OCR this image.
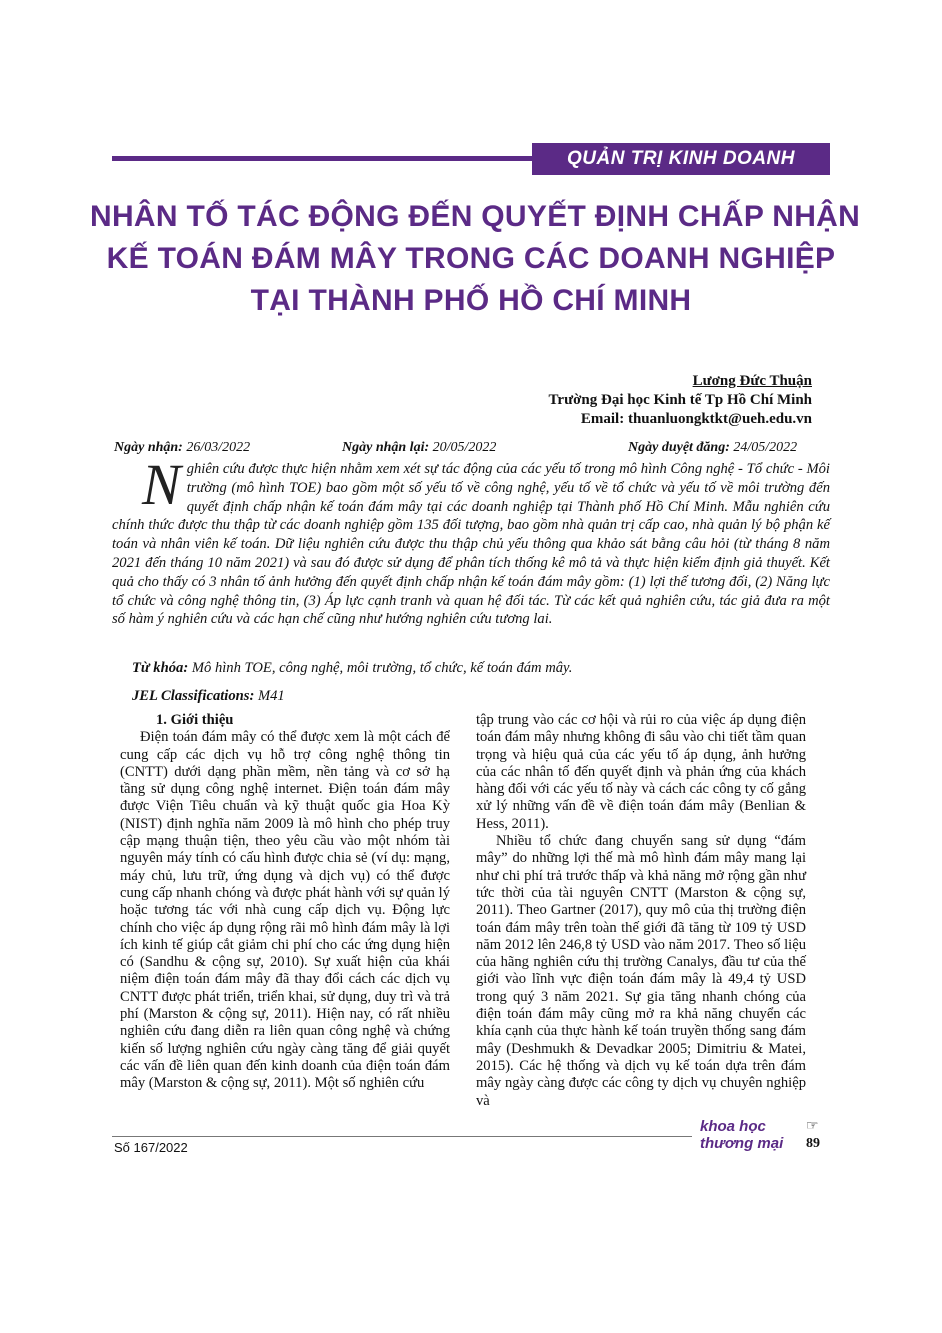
QUẢN TRỊ KINH DOANH
NHÂN TỐ TÁC ĐỘNG ĐẾN QUYẾT ĐỊNH CHẤP NHẬN
KẾ TOÁN ĐÁM MÂY TRONG CÁC DOANH NGHIỆP
TẠI THÀNH PHỐ HỒ CHÍ MINH
Lương Đức Thuận
Trường Đại học Kinh tế Tp Hồ Chí Minh
Email: thuanluongktkt@ueh.edu.vn
Ngày nhận: 26/03/2022	Ngày nhận lại: 20/05/2022	Ngày duyệt đăng: 24/05/2022
Nghiên cứu được thực hiện nhằm xem xét sự tác động của các yếu tố trong mô hình Công nghệ - Tổ chức - Môi trường (mô hình TOE) bao gồm một số yếu tố về công nghệ, yếu tố về tổ chức và yếu tố về môi trường đến quyết định chấp nhận kế toán đám mây tại các doanh nghiệp tại Thành phố Hồ Chí Minh. Mẫu nghiên cứu chính thức được thu thập từ các doanh nghiệp gồm 135 đối tượng, bao gồm nhà quản trị cấp cao, nhà quản lý bộ phận kế toán và nhân viên kế toán. Dữ liệu nghiên cứu được thu thập chủ yếu thông qua khảo sát bằng câu hỏi (từ tháng 8 năm 2021 đến tháng 10 năm 2021) và sau đó được sử dụng để phân tích thống kê mô tả và thực hiện kiểm định giả thuyết. Kết quả cho thấy có 3 nhân tố ảnh hưởng đến quyết định chấp nhận kế toán đám mây gồm: (1) lợi thế tương đối, (2) Năng lực tổ chức và công nghệ thông tin, (3) Áp lực cạnh tranh và quan hệ đối tác. Từ các kết quả nghiên cứu, tác giả đưa ra một số hàm ý nghiên cứu và các hạn chế cũng như hướng nghiên cứu tương lai.
Từ khóa: Mô hình TOE, công nghệ, môi trường, tổ chức, kế toán đám mây.
JEL Classifications: M41

1. Giới thiệu

Điện toán đám mây có thể được xem là một cách để cung cấp các dịch vụ hỗ trợ công nghệ thông tin (CNTT) dưới dạng phần mềm, nền tảng và cơ sở hạ tầng sử dụng công nghệ internet. Điện toán đám mây được Viện Tiêu chuẩn và kỹ thuật quốc gia Hoa Kỳ (NIST) định nghĩa năm 2009 là mô hình cho phép truy cập mạng thuận tiện, theo yêu cầu vào một nhóm tài nguyên máy tính có cấu hình được chia sẻ (ví dụ: mạng, máy chủ, lưu trữ, ứng dụng và dịch vụ) có thể được cung cấp nhanh chóng và được phát hành với sự quản lý hoặc tương tác với nhà cung cấp dịch vụ. Động lực chính cho việc áp dụng rộng rãi mô hình đám mây là lợi ích kinh tế giúp cắt giảm chi phí cho các ứng dụng hiện có (Sandhu & cộng sự, 2010). Sự xuất hiện của khái niệm điện toán đám mây đã thay đổi cách các dịch vụ CNTT được phát triển, triển khai, sử dụng, duy trì và trả phí (Marston & cộng sự, 2011). Hiện nay, có rất nhiều nghiên cứu đang diễn ra liên quan công nghệ và chứng kiến số lượng nghiên cứu ngày càng tăng để giải quyết các vấn đề liên quan đến kinh doanh của điện toán đám mây (Marston & cộng sự, 2011). Một số nghiên cứu

tập trung vào các cơ hội và rủi ro của việc áp dụng điện toán đám mây nhưng không đi sâu vào chi tiết tầm quan trọng và hiệu quả của các yếu tố áp dụng, ảnh hưởng của các nhân tố đến quyết định và phản ứng của khách hàng đối với các yếu tố này và cách các công ty cố gắng xử lý những vấn đề về điện toán đám mây (Benlian & Hess, 2011).

Nhiều tổ chức đang chuyển sang sử dụng “đám mây” do những lợi thế mà mô hình đám mây mang lại như chi phí trả trước thấp và khả năng mở rộng gần như tức thời của tài nguyên CNTT (Marston & cộng sự, 2011). Theo Gartner (2017), quy mô của thị trường điện toán đám mây trên toàn thế giới đã tăng từ 109 tỷ USD năm 2012 lên 246,8 tỷ USD vào năm 2017. Theo số liệu của hãng nghiên cứu thị trường Canalys, đầu tư của thế giới vào lĩnh vực điện toán đám mây là 49,4 tỷ USD trong quý 3 năm 2021. Sự gia tăng nhanh chóng của điện toán đám mây cũng mở ra khả năng chuyển các khía cạnh của thực hành kế toán truyền thống sang đám mây (Deshmukh & Devadkar 2005; Dimitriu & Matei, 2015). Các hệ thống và dịch vụ kế toán dựa trên đám mây ngày càng được các công ty dịch vụ chuyên nghiệp và

Số 167/2022
khoa học
thương mại
☞
89
